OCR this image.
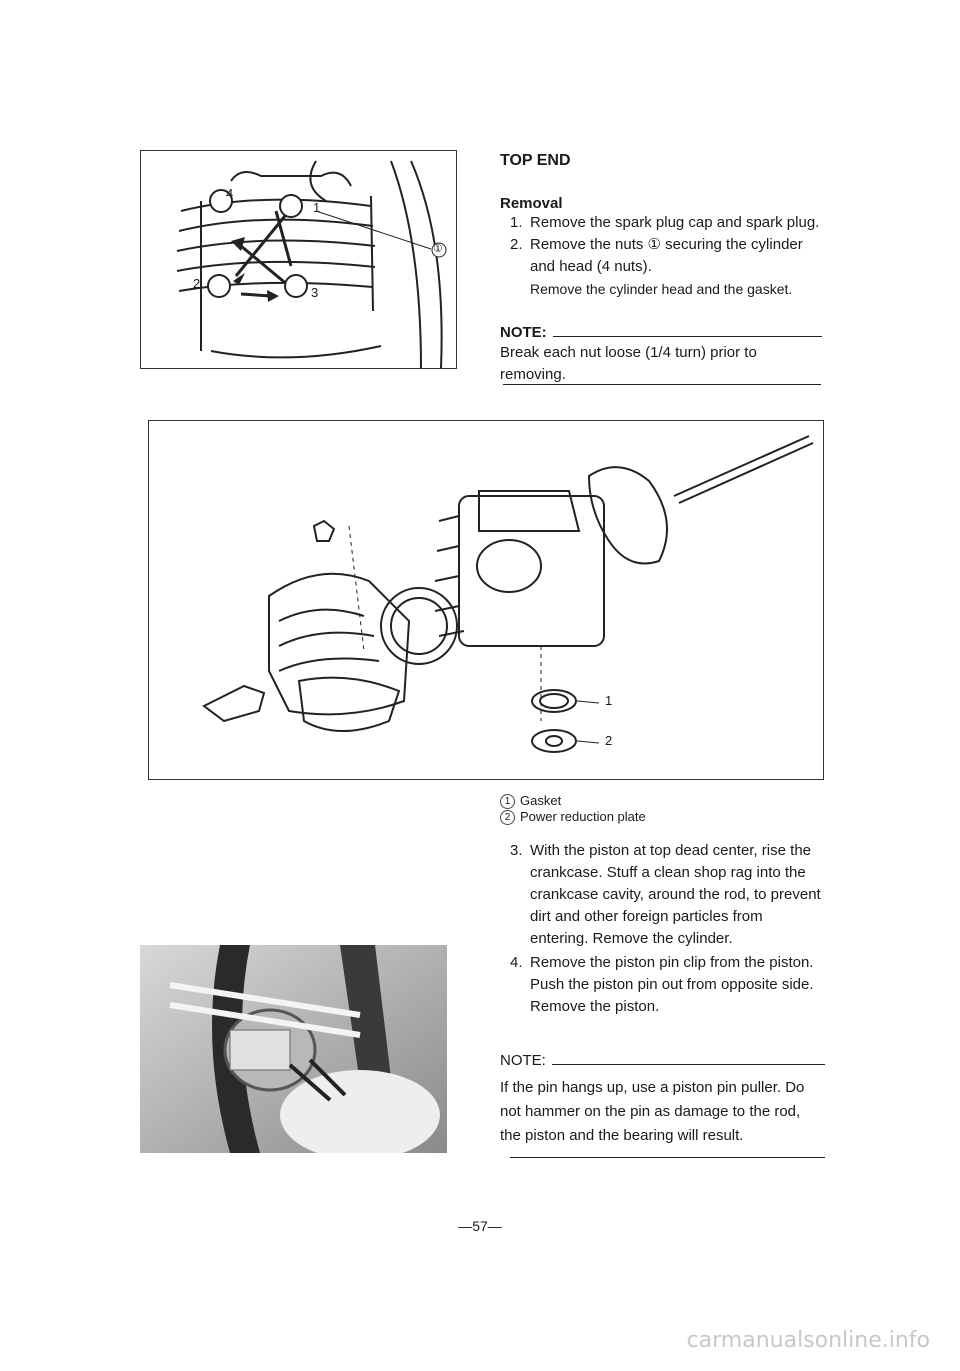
4
1
2
3
①
TOP END
Removal

1. Remove the spark plug cap and spark plug.

2. Remove the nuts ① securing the cylinder and head (4 nuts).

Remove the cylinder head and the gasket.

NOTE:
Break each nut loose (1/4 turn) prior to removing.
1
2
1 Gasket
2 Power reduction plate

3. With the piston at top dead center, rise the crankcase. Stuff a clean shop rag into the crankcase cavity, around the rod, to prevent dirt and other foreign particles from entering. Remove the cylinder.

4. Remove the piston pin clip from the piston. Push the piston pin out from opposite side. Remove the piston.

NOTE:
If the pin hangs up, use a piston pin puller. Do not hammer on the pin as damage to the rod, the piston and the bearing will result.
—57—
carmanualsonline.info
